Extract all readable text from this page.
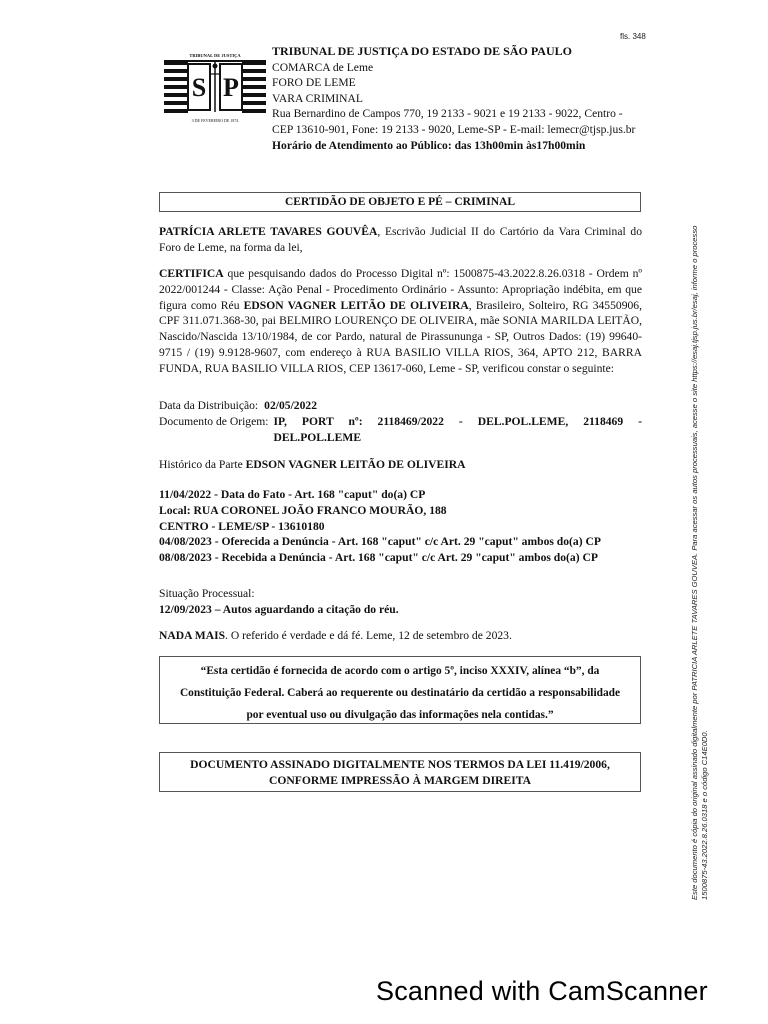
fls. 348
S P
TRIBUNAL DE JUSTIÇA
3 DE FEVEREIRO DE 1874
TRIBUNAL DE JUSTIÇA DO ESTADO DE SÃO PAULO
COMARCA de Leme
FORO DE LEME
VARA CRIMINAL
Rua Bernardino de Campos 770, 19 2133 - 9021 e 19 2133 - 9022, Centro - CEP 13610-901, Fone: 19 2133 - 9020, Leme-SP - E-mail: lemecr@tjsp.jus.br
Horário de Atendimento ao Público: das 13h00min às17h00min
CERTIDÃO DE OBJETO E PÉ – CRIMINAL
PATRÍCIA ARLETE TAVARES GOUVÊA, Escrivão Judicial II do Cartório da Vara Criminal do Foro de Leme, na forma da lei,
CERTIFICA que pesquisando dados do Processo Digital nº: 1500875-43.2022.8.26.0318 - Ordem nº 2022/001244 - Classe: Ação Penal - Procedimento Ordinário - Assunto: Apropriação indébita, em que figura como Réu EDSON VAGNER LEITÃO DE OLIVEIRA, Brasileiro, Solteiro, RG 34550906, CPF 311.071.368-30, pai BELMIRO LOURENÇO DE OLIVEIRA, mãe SONIA MARILDA LEITÃO, Nascido/Nascida 13/10/1984, de cor Pardo, natural de Pirassununga - SP, Outros Dados: (19) 99640-9715 / (19) 9.9128-9607, com endereço à RUA BASILIO VILLA RIOS, 364, APTO 212, BARRA FUNDA, RUA BASILIO VILLA RIOS, CEP 13617-060, Leme - SP, verificou constar o seguinte:
Data da Distribuição: 02/05/2022
Documento de Origem: IP, PORT nº: 2118469/2022 - DEL.POL.LEME, 2118469 - DEL.POL.LEME
Histórico da Parte EDSON VAGNER LEITÃO DE OLIVEIRA
11/04/2022 - Data do Fato - Art. 168 "caput" do(a) CP
Local: RUA CORONEL JOÃO FRANCO MOURÃO, 188
CENTRO - LEME/SP - 13610180
04/08/2023 - Oferecida a Denúncia - Art. 168 "caput" c/c Art. 29 "caput" ambos do(a) CP
08/08/2023 - Recebida a Denúncia - Art. 168 "caput" c/c Art. 29 "caput" ambos do(a) CP
Situação Processual:
12/09/2023 – Autos aguardando a citação do réu.
NADA MAIS. O referido é verdade e dá fé. Leme, 12 de setembro de 2023.
“Esta certidão é fornecida de acordo com o artigo 5º, inciso XXXIV, alínea “b”, da
Constituição Federal. Caberá ao requerente ou destinatário da certidão a responsabilidade
por eventual uso ou divulgação das informações nela contidas.”
DOCUMENTO ASSINADO DIGITALMENTE NOS TERMOS DA LEI 11.419/2006,
CONFORME IMPRESSÃO À MARGEM DIREITA	Este documento é cópia do original assinado digitalmente por PATRICIA ARLETE TAVARES GOUVEA. Para acessar os autos processuais, acesse o site https://esaj.tjsp.jus.br/esaj, informe o processo 1500875-43.2022.8.26.0318 e o código C14E0D0.
Scanned with CamScanner
